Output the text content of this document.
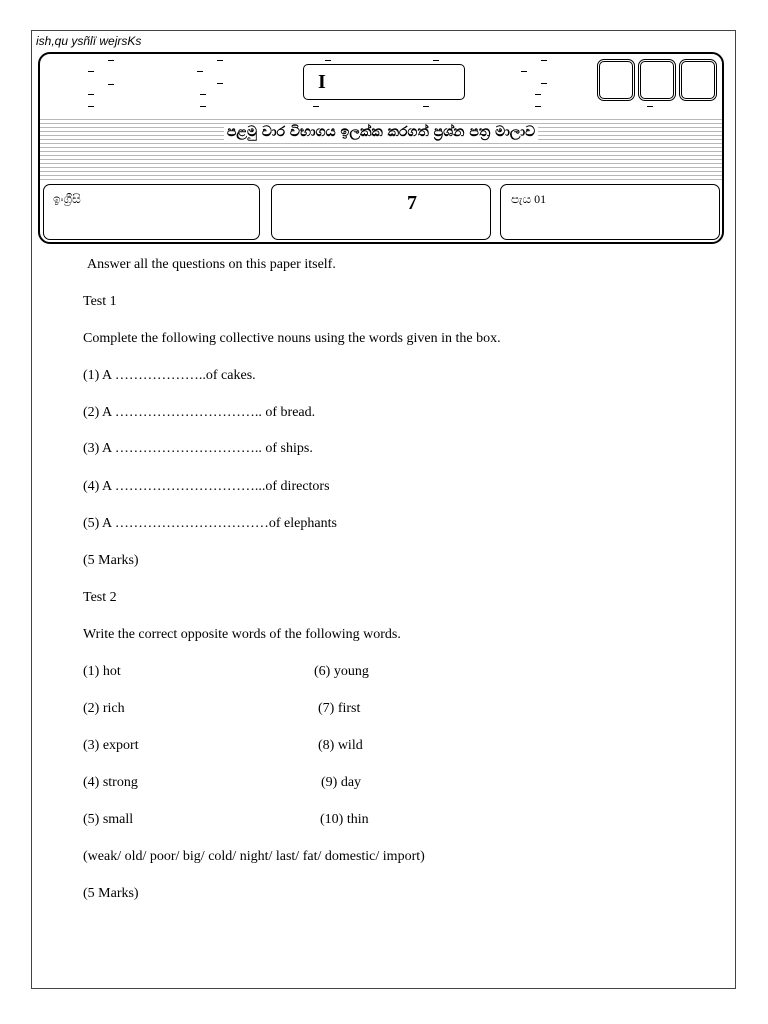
ish,qu ysñlï wejrsKs
I
පළමු වාර විභාගය ඉලක්ක කරගත් ප්‍රශ්න පත්‍ර මාලාව
ඉංග්‍රීසි	7	පැය 01
Answer all the questions on this paper itself.
Test 1
Complete the following collective nouns using the words given in the box.
(1) A ………………..of cakes.
(2) A ………………………….. of bread.
(3) A ………………………….. of ships.
(4) A …………………………...of directors
(5) A ……………………………of elephants
(5 Marks)
Test 2
Write the correct opposite words of the following words.
(1) hot	(6) young
(2) rich	(7) first
(3) export	(8) wild
(4) strong	(9) day
(5) small	(10) thin
(weak/ old/ poor/ big/ cold/ night/ last/ fat/ domestic/ import)
(5 Marks)
